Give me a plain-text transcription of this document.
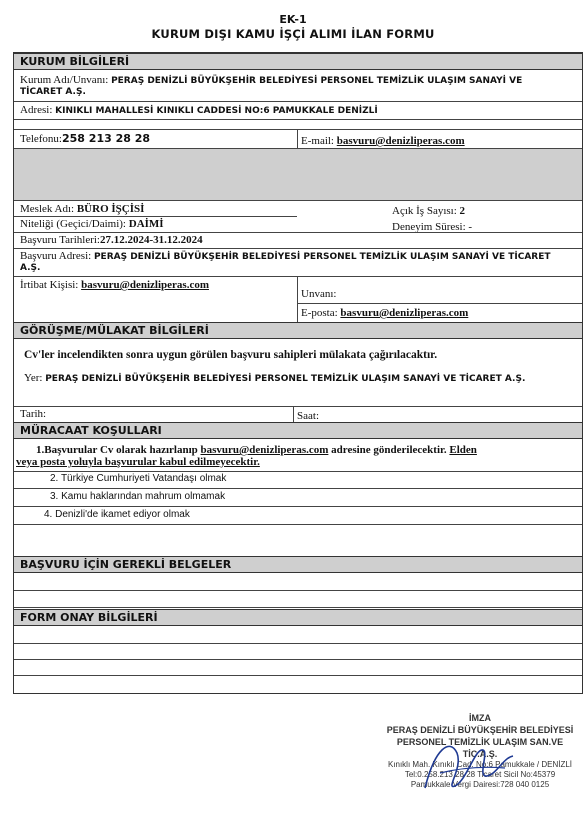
EK-1
KURUM DIŞI KAMU İŞÇİ ALIMI İLAN FORMU
KURUM BİLGİLERİ
Kurum Adı/Unvanı: PERAŞ DENİZLİ BÜYÜKŞEHİR BELEDİYESİ PERSONEL TEMİZLİK ULAŞIM SANAYİ VE
TİCARET A.Ş.
Adresi: KINIKLI MAHALLESİ KINIKLI CADDESİ NO:6 PAMUKKALE DENİZLİ
Telefonu:258 213 28 28	E-mail: basvuru@denizliperas.com
Meslek Adı: BÜRO İŞÇİSİ	Açık İş Sayısı: 2
Niteliği (Geçici/Daimi): DAİMİ	Deneyim Süresi: -
Başvuru Tarihleri:27.12.2024-31.12.2024
Başvuru Adresi: PERAŞ DENİZLİ BÜYÜKŞEHİR BELEDİYESİ PERSONEL TEMİZLİK ULAŞIM SANAYİ VE TİCARET
A.Ş.
İrtibat Kişisi: basvuru@denizliperas.com
Unvanı:
E-posta: basvuru@denizliperas.com
GÖRÜŞME/MÜLAKAT BİLGİLERİ
Cv'ler incelendikten sonra uygun görülen başvuru sahipleri mülakata çağırılacaktır.
Yer: PERAŞ DENİZLİ BÜYÜKŞEHİR BELEDİYESİ PERSONEL TEMİZLİK ULAŞIM SANAYİ VE TİCARET A.Ş.
Tarih:	Saat:
MÜRACAAT KOŞULLARI
1.Başvurular Cv olarak hazırlanıp basvuru@denizliperas.com adresine gönderilecektir. Elden
veya posta yoluyla başvurular kabul edilmeyecektir.
2. Türkiye Cumhuriyeti Vatandaşı olmak
3. Kamu haklarından mahrum olmamak
4. Denizli'de ikamet ediyor olmak
BAŞVURU İÇİN GEREKLİ BELGELER
FORM ONAY BİLGİLERİ
İMZA
PERAŞ DENİZLİ BÜYÜKŞEHİR BELEDİYESİ
PERSONEL TEMİZLİK ULAŞIM SAN.VE TİC.A.Ş.
Kınıklı Mah. Kınıklı Cad. No:6 Pamukkale / DENİZLİ
Tel:0.258.213 28 28 Ticaret Sicil No:45379
Pamukkale Vergi Dairesi:728 040 0125
